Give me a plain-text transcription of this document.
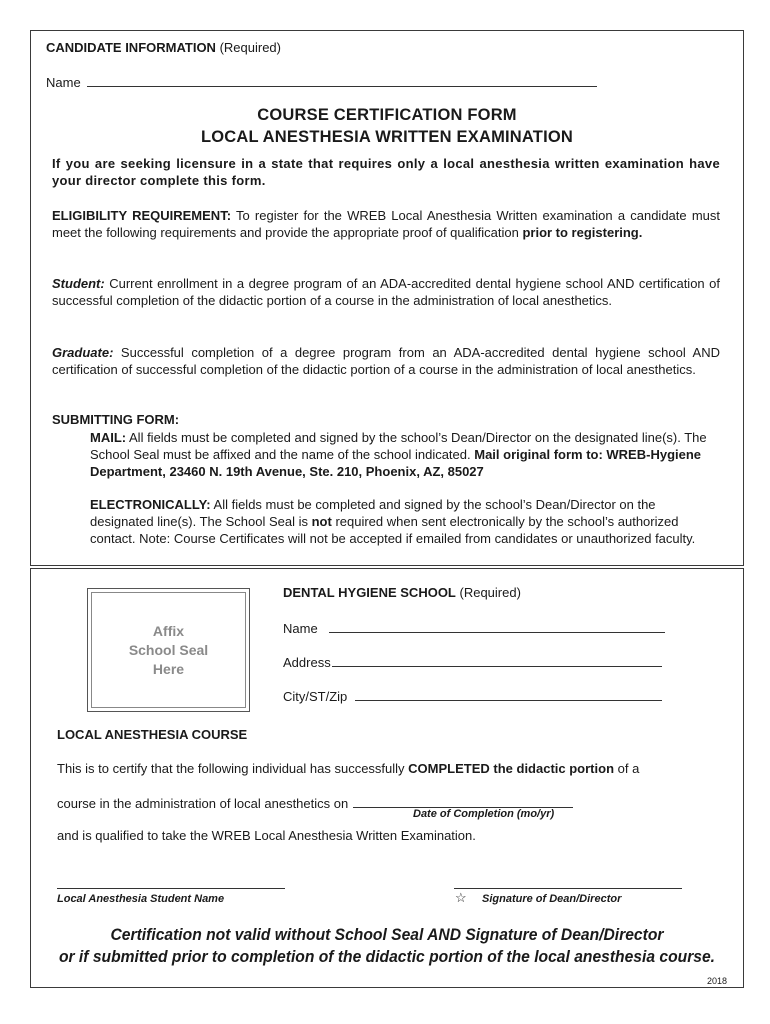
CANDIDATE INFORMATION (Required)
Name
COURSE CERTIFICATION FORM
LOCAL ANESTHESIA WRITTEN EXAMINATION
If you are seeking licensure in a state that requires only a local anesthesia written examination have your director complete this form.
ELIGIBILITY REQUIREMENT: To register for the WREB Local Anesthesia Written examination a candidate must meet the following requirements and provide the appropriate proof of qualification prior to registering.
Student: Current enrollment in a degree program of an ADA-accredited dental hygiene school AND certification of successful completion of the didactic portion of a course in the administration of local anesthetics.
Graduate: Successful completion of a degree program from an ADA-accredited dental hygiene school AND certification of successful completion of the didactic portion of a course in the administration of local anesthetics.
SUBMITTING FORM:
MAIL: All fields must be completed and signed by the school’s Dean/Director on the designated line(s). The School Seal must be affixed and the name of the school indicated. Mail original form to: WREB-Hygiene Department, 23460 N. 19th Avenue, Ste. 210, Phoenix, AZ, 85027
ELECTRONICALLY: All fields must be completed and signed by the school’s Dean/Director on the designated line(s). The School Seal is not required when sent electronically by the school’s authorized contact. Note: Course Certificates will not be accepted if emailed from candidates or unauthorized faculty.
Affix
School Seal
Here
DENTAL HYGIENE SCHOOL (Required)
Name
Address
City/ST/Zip
LOCAL ANESTHESIA COURSE
This is to certify that the following individual has successfully COMPLETED the didactic portion of a
course in the administration of local anesthetics on
Date of Completion (mo/yr)
and is qualified to take the WREB Local Anesthesia Written Examination.
Local Anesthesia Student Name	☆ Signature of Dean/Director
Certification not valid without School Seal AND Signature of Dean/Director
or if submitted prior to completion of the didactic portion of the local anesthesia course.
2018
